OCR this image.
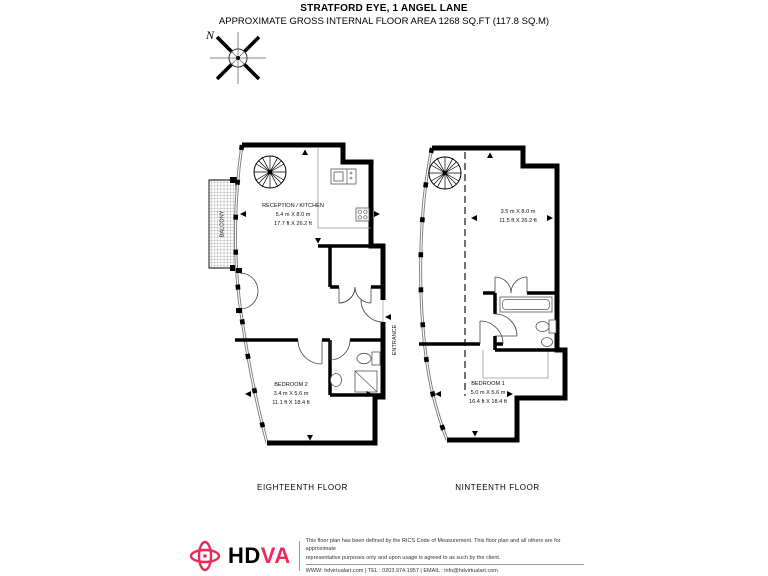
STRATFORD EYE, 1 ANGEL LANE
APPROXIMATE GROSS INTERNAL FLOOR AREA 1268 SQ.FT (117.8 SQ.M)
N
BALCONY
RECEPTION / KITCHEN
5.4 m X 8.0 m
17.7 ft X 26.2 ft
BEDROOM 2
3.4 m X 5.6 m
11.1 ft X 18.4 ft
ENTRANCE
3.5 m X 8.0 m
11.5 ft X 26.2 ft
BEDROOM 1
5.0 m X 5.6 m
16.4 ft X 18.4 ft
EIGHTEENTH FLOOR	NINTEENTH FLOOR
HDVA
This floor plan has been defined by the RICS Code of Measurement. This floor plan and all others are for approximate
representative purposes only and upon usage is agreed to as such by the client.
WWW: hdvirtualart.com | TEL : 0203.974.1957 | EMAIL : info@hdvirtualart.com
